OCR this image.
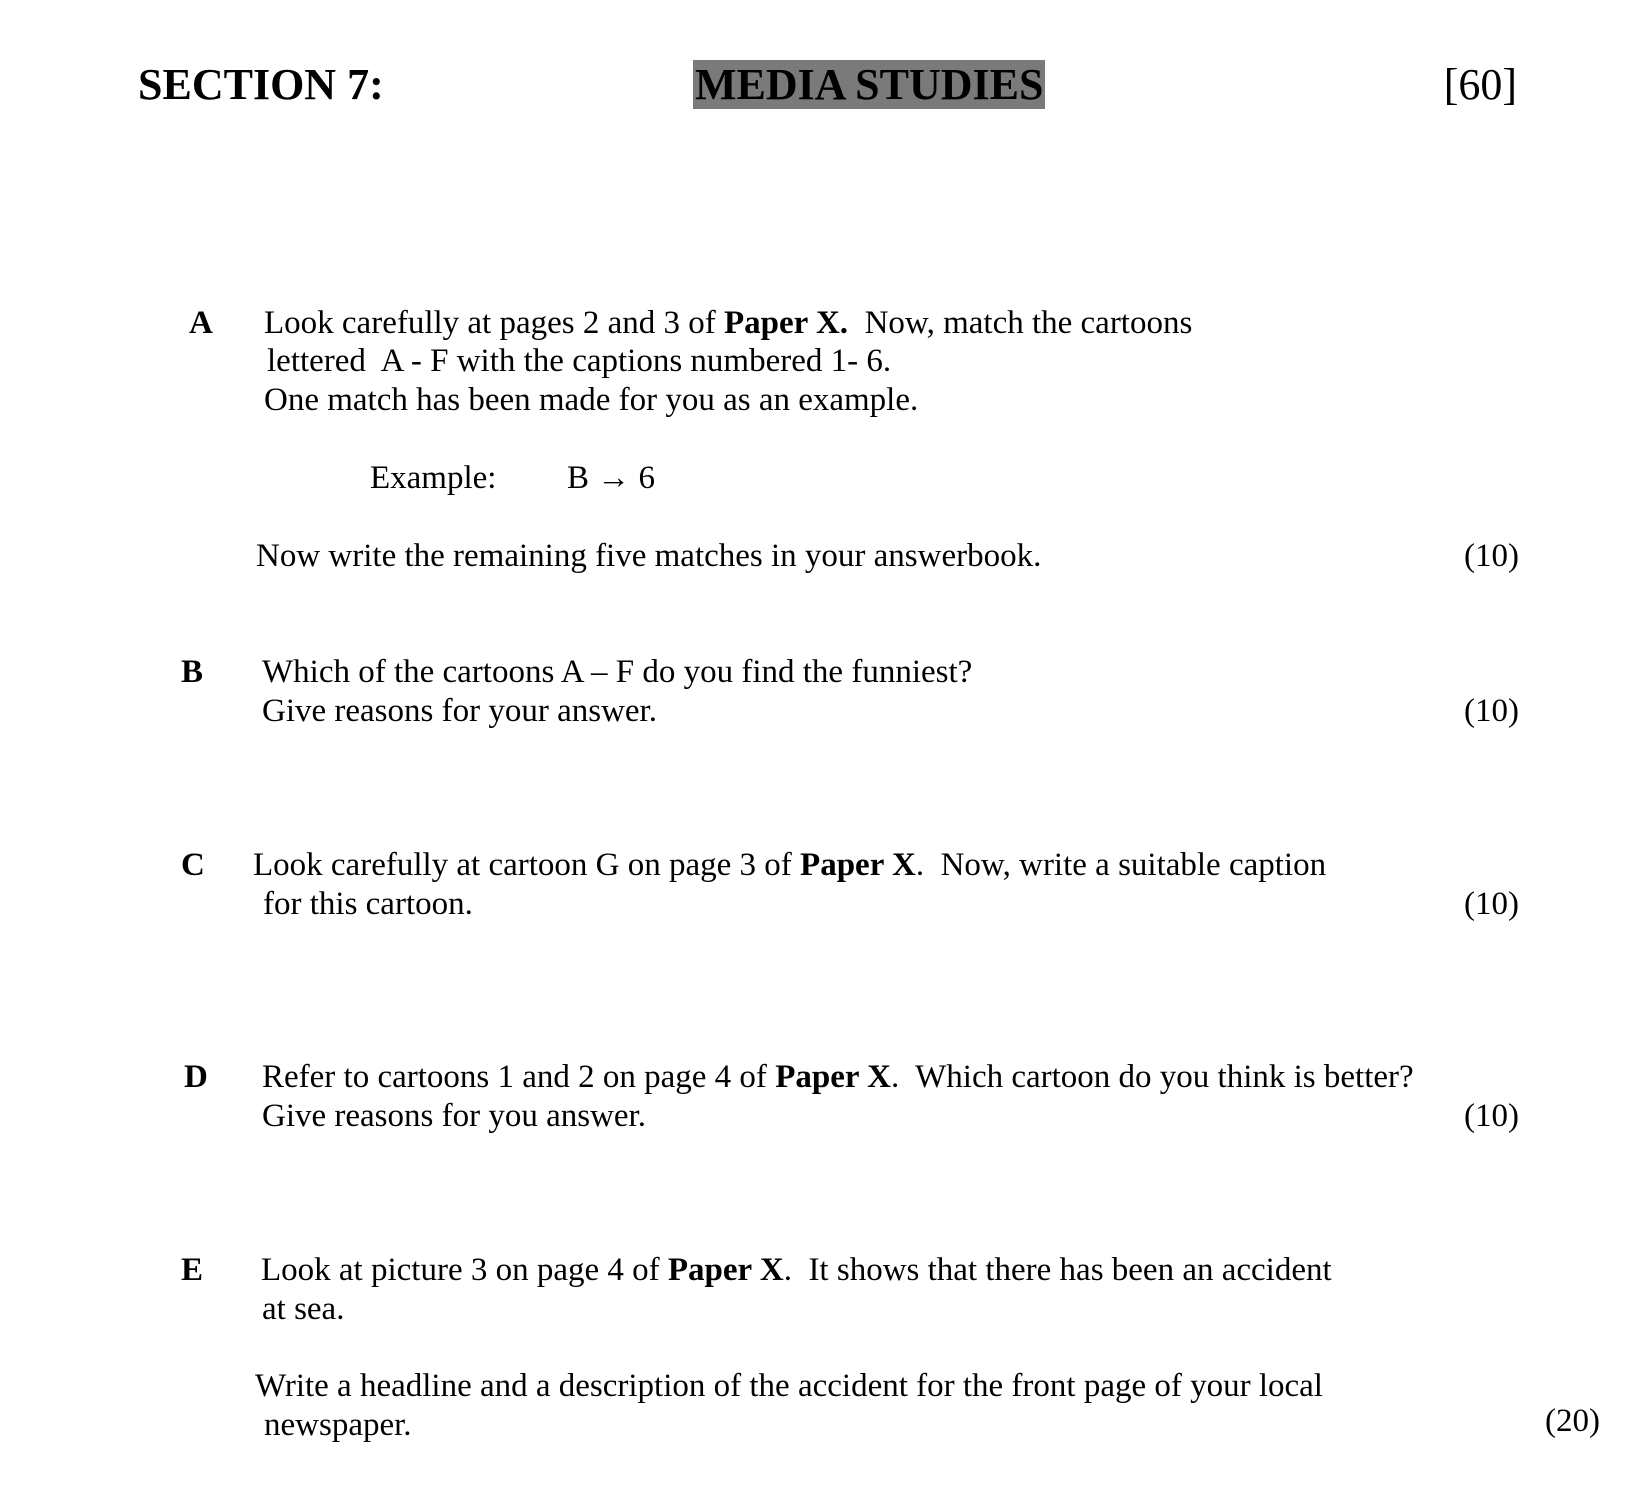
SECTION 7:	MEDIA STUDIES	[60]
A Look carefully at pages 2 and 3 of Paper X.  Now, match the cartoons
lettered  A - F with the captions numbered 1- 6.
One match has been made for you as an example.
Example: B → 6
Now write the remaining five matches in your answerbook.	(10)
B Which of the cartoons A – F do you find the funniest?
Give reasons for your answer.	(10)
C Look carefully at cartoon G on page 3 of Paper X.  Now, write a suitable caption
for this cartoon.	(10)
D Refer to cartoons 1 and 2 on page 4 of Paper X.  Which cartoon do you think is better?
Give reasons for you answer.	(10)
E Look at picture 3 on page 4 of Paper X.  It shows that there has been an accident
at sea.
Write a headline and a description of the accident for the front page of your local
newspaper.	(20)
